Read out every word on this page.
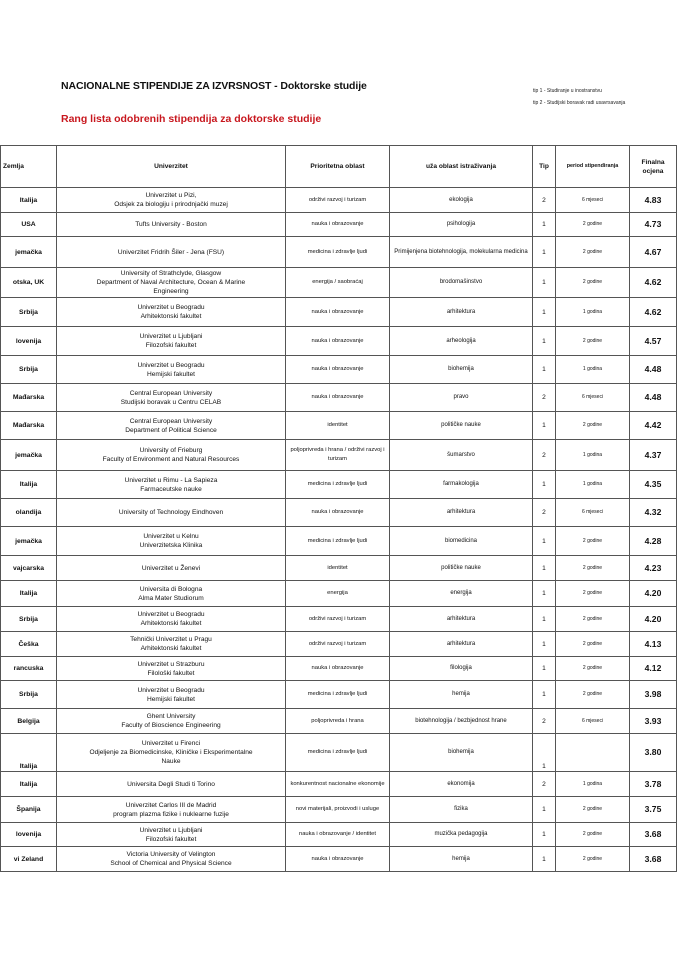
NACIONALNE STIPENDIJE ZA IZVRSNOST - Doktorske studije
Rang lista odobrenih stipendija za doktorske studije
tip 1 - Studiranje u inostranstvu
tip 2 - Studijski boravak radi usavrsavanja
Zemlja	Univerzitet	Prioritetna oblast	uža oblast istraživanja	Tip	period stipendiranja	Finalna ocjena
Italija	Univerzitet u Pizi,
Odsjek za biologiju i prirodnjački muzej	održivi razvoj i turizam	ekologija	2	6 mjeseci	4.83
USA	Tufts University - Boston	nauka i obrazovanje	psihologija	1	2 godine	4.73
jemačka	Univerzitet Fridrih Šiler - Jena (FSU)	medicina i zdravlje ljudi	Primijenjena biotehnologija, molekularna medicina	1	2 godine	4.67
otska, UK	University of Strathclyde, Glasgow
Department of Naval Architecture, Ocean & Marine
Engineering	energija / saobraćaj	brodomašinstvo	1	2 godine	4.62
Srbija	Univerzitet u Beogradu
Arhitektonski fakultet	nauka i obrazovanje	arhitektura	1	1 godina	4.62
lovenija	Univerzitet u Ljubljani
Filozofski fakultet	nauka i obrazovanje	arheologija	1	2 godine	4.57
Srbija	Univerzitet u Beogradu
Hemijski fakultet	nauka i obrazovanje	biohemija	1	1 godina	4.48
Mađarska	Central European University
Studijski boravak u Centru CELAB	nauka i obrazovanje	pravo	2	6 mjeseci	4.48
Mađarska	Central European University
Department of Political Science	identitet	političke nauke	1	2 godine	4.42
jemačka	University of Frieburg
Faculty of Environment and Natural Resources	poljoprivreda i hrana / održivi razvoj i turizam	šumarstvo	2	1 godina	4.37
Italija	Univerzitet u Rimu - La Sapieza
Farmaceutske nauke	medicina i zdravlje ljudi	farmakologija	1	1 godina	4.35
olandija	University of Technology Eindhoven	nauka i obrazovanje	arhitektura	2	6 mjeseci	4.32
jemačka	Univerzitet u Kelnu
Univerzitetska Klinika	medicina i zdravlje ljudi	biomedicina	1	2 godine	4.28
vajcarska	Univerzitet u Ženevi	identitet	političke nauke	1	2 godine	4.23
Italija	Universita di Bologna
Alma Mater Studiorum	energija	energija	1	2 godine	4.20
Srbija	Univerzitet u Beogradu
Arhitektonski fakultet	održivi razvoj i turizam	arhitektura	1	2 godine	4.20
Češka	Tehnički Univerzitet u Pragu
Arhitektonski fakultet	održivi razvoj i turizam	arhitektura	1	2 godine	4.13
rancuska	Univerzitet u Strazburu
Filološki fakultet	nauka i obrazovanje	filologija	1	2 godine	4.12
Srbija	Univerzitet u Beogradu
Hemijski fakultet	medicina i zdravlje ljudi	hemija	1	2 godine	3.98
Belgija	Ghent University
Faculty of Bioscience Engineering	poljoprivreda i hrana	biotehnologija / bezbjednost hrane	2	6 mjeseci	3.93
Italija	Univerzitet u Firenci
Odjeljenje za Biomedicinske, Kliničke i Eksperimentalne
Nauke	medicina i zdravlje ljudi	biohemija	1		3.80
Italija	Universita Degli Studi ti Torino	konkurentnost nacionalne ekonomije	ekonomija	2	1 godina	3.78
Španija	Univerzitet Carlos III de Madrid
program plazma fizike i nuklearne fuzije	novi materijali, proizvodi i usluge	fizika	1	2 godine	3.75
lovenija	Univerzitet u Ljubljani
Filozofski fakultet	nauka i obrazovanje / identitet	muzička pedagogija	1	2 godine	3.68
vi Zeland	Victoria University of Velington
School of Chemical and Physical Science	nauka i obrazovanje	hemija	1	2 godine	3.68
